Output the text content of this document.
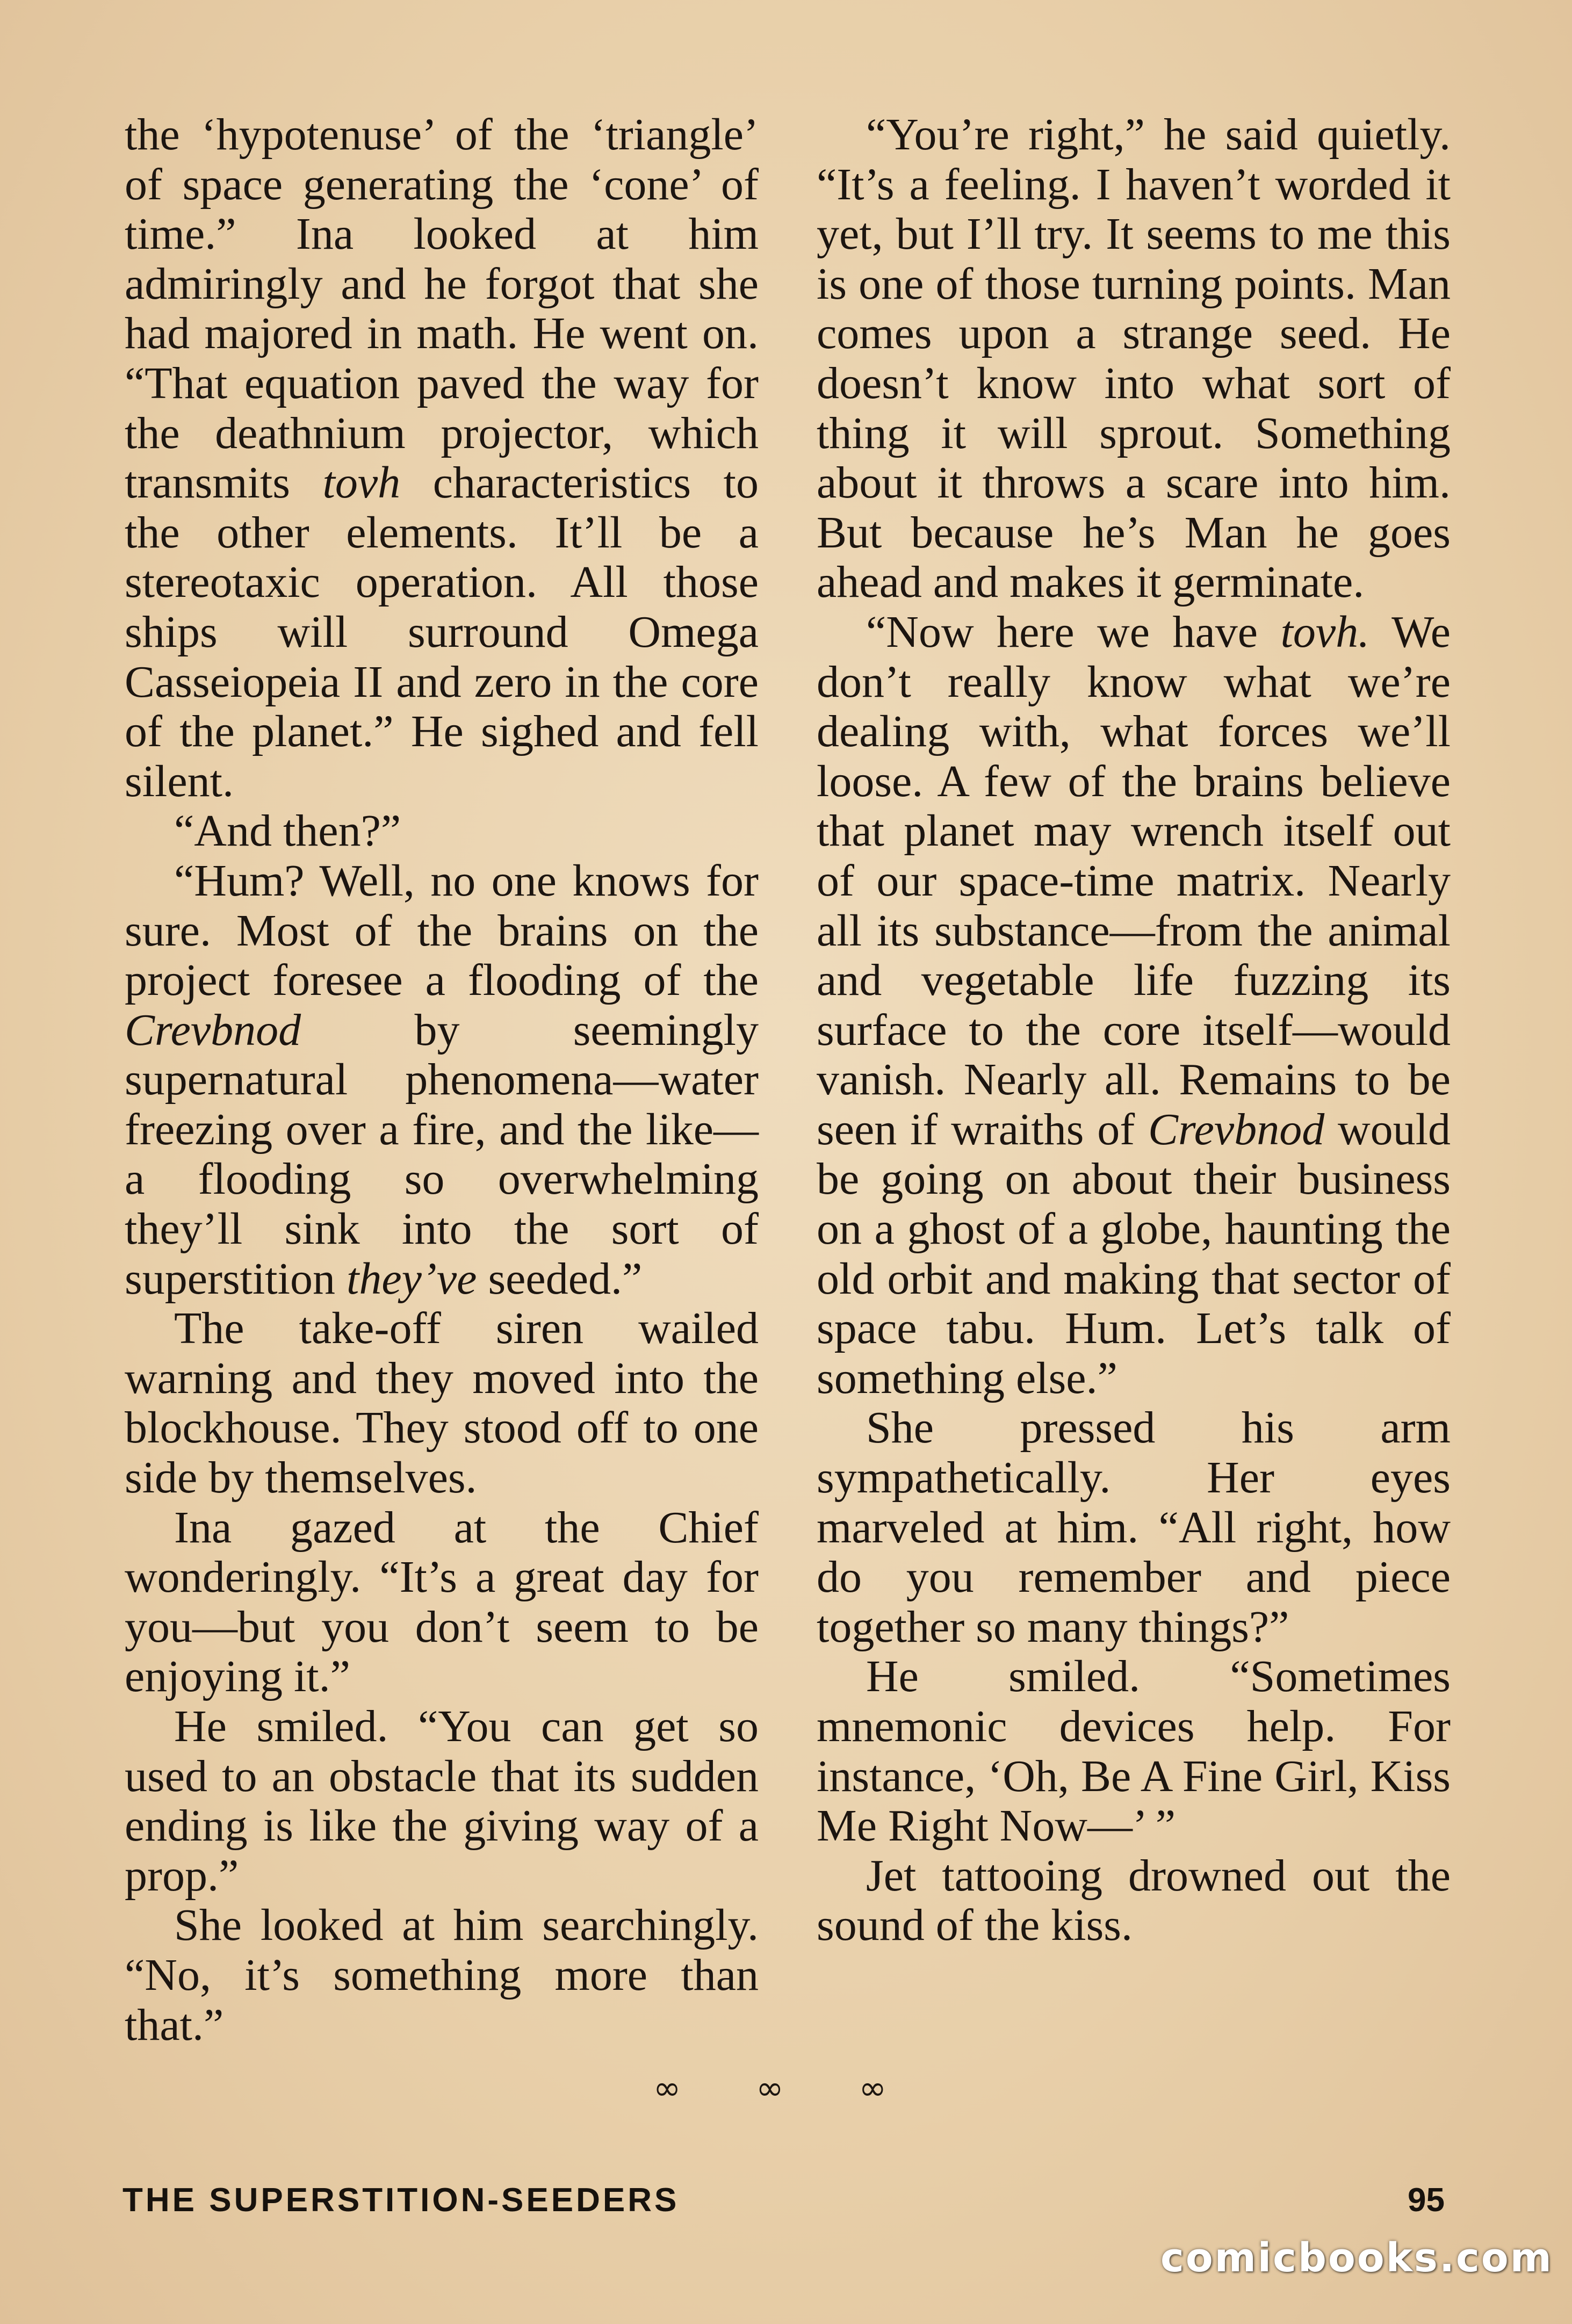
the ‘hypotenuse’ of the ‘triangle’ of space generating the ‘cone’ of time.” Ina looked at him admiringly and he forgot that she had majored in math. He went on. “That equation paved the way for the deathnium projector, which transmits tovh characteristics to the other elements. It’ll be a stereotaxic operation. All those ships will surround Omega Casseiopeia II and zero in the core of the planet.” He sighed and fell silent.

“And then?”

“Hum? Well, no one knows for sure. Most of the brains on the project foresee a flooding of the Crevbnod by seemingly supernatural phenomena—water freezing over a fire, and the like—a flooding so overwhelming they’ll sink into the sort of superstition they’ve seeded.”

The take-off siren wailed warning and they moved into the blockhouse. They stood off to one side by themselves.

Ina gazed at the Chief wonderingly. “It’s a great day for you—but you don’t seem to be enjoying it.”

He smiled. “You can get so used to an obstacle that its sudden ending is like the giving way of a prop.”

She looked at him searchingly. “No, it’s something more than that.”

“You’re right,” he said quietly. “It’s a feeling. I haven’t worded it yet, but I’ll try. It seems to me this is one of those turning points. Man comes upon a strange seed. He doesn’t know into what sort of thing it will sprout. Something about it throws a scare into him. But because he’s Man he goes ahead and makes it germinate.

“Now here we have tovh. We don’t really know what we’re dealing with, what forces we’ll loose. A few of the brains believe that planet may wrench itself out of our space-time matrix. Nearly all its substance—from the animal and vegetable life fuzzing its surface to the core itself—would vanish. Nearly all. Remains to be seen if wraiths of Crevbnod would be going on about their business on a ghost of a globe, haunting the old orbit and making that sector of space tabu. Hum. Let’s talk of something else.”

She pressed his arm sympathetically. Her eyes marveled at him. “All right, how do you remember and piece together so many things?”

He smiled. “Sometimes mnemonic devices help. For instance, ‘Oh, Be A Fine Girl, Kiss Me Right Now—’ ”

Jet tattooing drowned out the sound of the kiss.

∞ ∞ ∞
THE SUPERSTITION-SEEDERS	95
comicbooks.com
